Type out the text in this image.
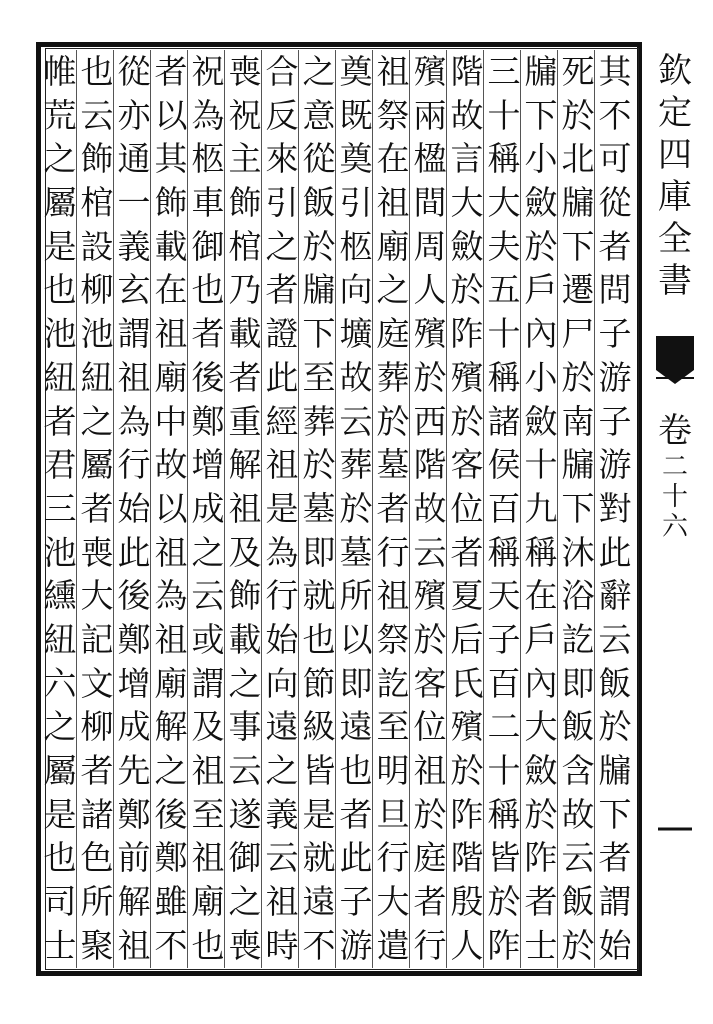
其
不
可
從
者
問
子
游
子
游
對
此
辭
云
飯
於
牖
下
者
謂
始
死
於
北
牖
下
遷
尸
於
南
牖
下
沐
浴
訖
即
飯
含
故
云
飯
於
牖
下
小
斂
於
戶
內
小
斂
十
九
稱
在
戶
內
大
斂
於
阼
者
士
三
十
稱
大
夫
五
十
稱
諸
侯
百
稱
天
子
百
二
十
稱
皆
於
阼
階
故
言
大
斂
於
阼
殯
於
客
位
者
夏
后
氏
殯
於
阼
階
殷
人
殯
兩
楹
間
周
人
殯
於
西
階
故
云
殯
於
客
位
祖
於
庭
者
行
祖
祭
在
祖
廟
之
庭
葬
於
墓
者
行
祖
祭
訖
至
明
旦
行
大
遣
奠
既
奠
引
柩
向
壙
故
云
葬
於
墓
所
以
即
遠
也
者
此
子
游
之
意
從
飯
於
牖
下
至
葬
於
墓
即
就
也
節
級
皆
是
就
遠
不
合
反
來
引
之
者
證
此
經
祖
是
為
行
始
向
遠
之
義
云
祖
時
喪
祝
主
飾
棺
乃
載
者
重
解
祖
及
飾
載
之
事
云
遂
御
之
喪
祝
為
柩
車
御
也
者
後
鄭
增
成
之
云
或
謂
及
祖
至
祖
廟
也
者
以
其
飾
載
在
祖
廟
中
故
以
祖
為
祖
廟
解
之
後
鄭
雖
不
從
亦
通
一
義
玄
謂
祖
為
行
始
此
後
鄭
增
成
先
鄭
前
解
祖
也
云
飾
棺
設
柳
池
紐
之
屬
者
喪
大
記
文
柳
者
諸
色
所
聚
帷
荒
之
屬
是
也
池
紐
者
君
三
池
纁
紐
六
之
屬
是
也
司
士
欽
定
四
庫
全
書
卷
二
十
六
